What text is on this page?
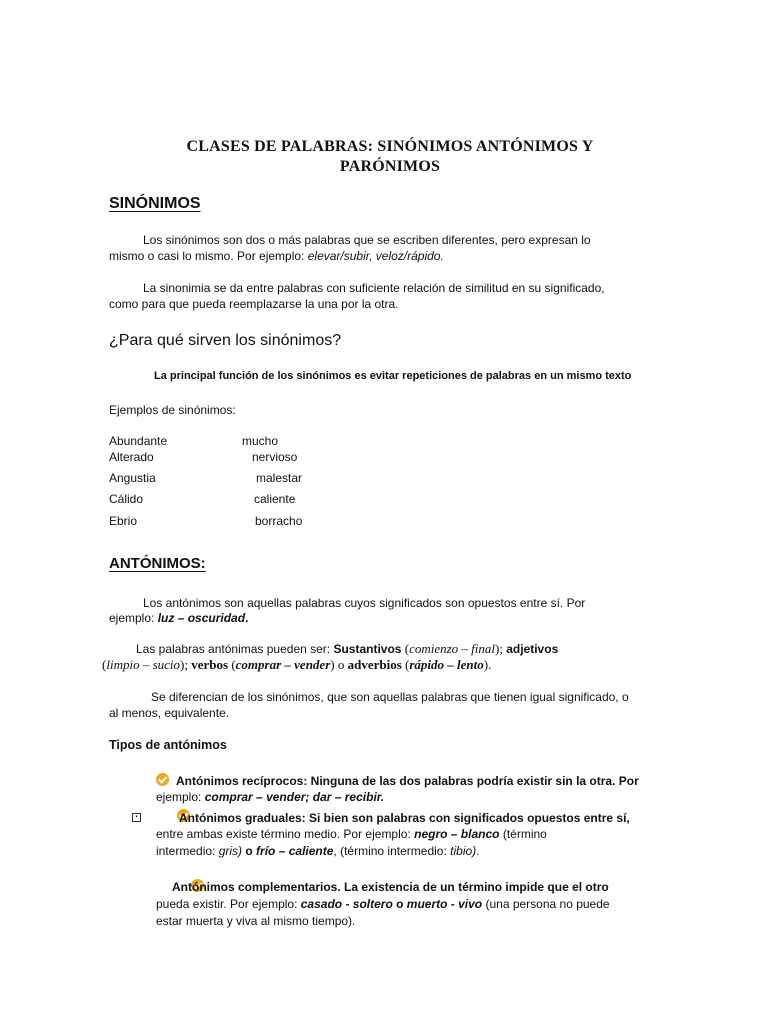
CLASES DE PALABRAS: SINÓNIMOS ANTÓNIMOS Y
PARÓNIMOS
SINÓNIMOS
Los sinónimos son dos o más palabras que se escriben diferentes, pero expresan lo
mismo o casi lo mismo. Por ejemplo: elevar/subir, veloz/rápido.
La sinonimia se da entre palabras con suficiente relación de similitud en su significado,
como para que pueda reemplazarse la una por la otra.
¿Para qué sirven los sinónimos?
La principal función de los sinónimos es evitar repeticiones de palabras en un mismo texto
Ejemplos de sinónimos:
Abundante	mucho
Alterado	nervioso
Angustia	malestar
Cálido	caliente
Ebrio	borracho
ANTÓNIMOS:
Los antónimos son aquellas palabras cuyos significados son opuestos entre sí. Por
ejemplo: luz – oscuridad.
Las palabras antónimas pueden ser: Sustantivos (comienzo – final); adjetivos
(limpio – sucio); verbos (comprar – vender) o adverbios (rápido – lento).
Se diferencian de los sinónimos, que son aquellas palabras que tienen igual significado, o
al menos, equivalente.
Tipos de antónimos

Antónimos recíprocos: Ninguna de las dos palabras podría existir sin la otra. Por
ejemplo: comprar – vender; dar – recibir.
▪
	Antónimos graduales: Si bien son palabras con significados opuestos entre sí,
entre ambas existe término medio. Por ejemplo: negro – blanco (término
intermedio: gris) o frío – caliente, (término intermedio: tibio).
Antónimos complementarios. La existencia de un término impide que el otro
pueda existir. Por ejemplo: casado - soltero o muerto - vivo (una persona no puede
estar muerta y viva al mismo tiempo).
